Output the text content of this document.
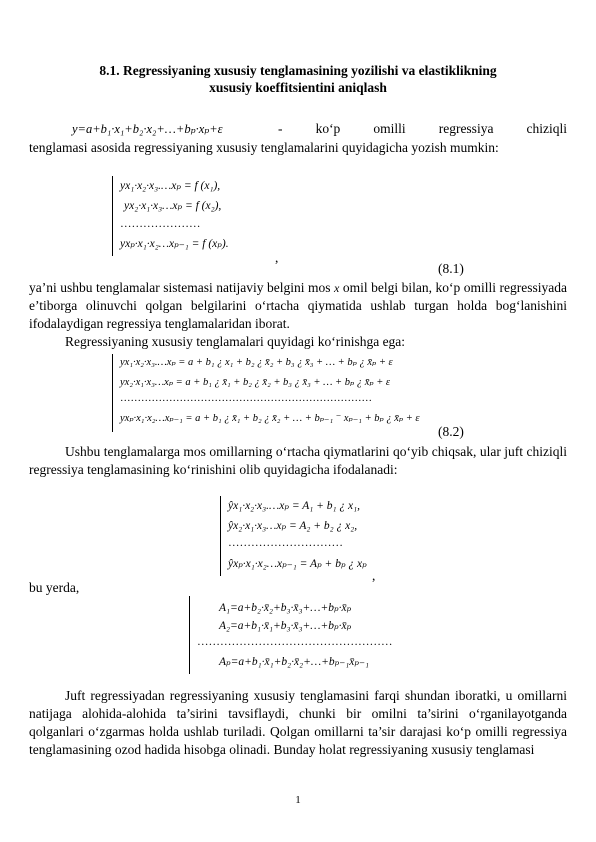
8.1. Regressiyaning xususiy tenglamasining yozilishi va elastiklikning
xususiy koeffitsientini aniqlash
y=a+b₁·x₁+b₂·x₂+…+bₚ·xₚ+ε	- ko‘p omilli regressiya chiziqli
tenglamasi asosida regressiyaning xususiy tenglamalarini quyidagicha yozish mumkin:
yx₁·x₂·x₃.…xₚ = f (x₁),
yx₂·x₁·x₃…xₚ = f (x₂),
…………………
yxₚ·x₁·x₂…xₚ₋₁ = f (xₚ).
,
(8.1)
ya’ni ushbu tenglamalar sistemasi natijaviy belgini mos x omil belgi bilan, ko‘p omilli regressiyada e’tiborga olinuvchi qolgan belgilarini o‘rtacha qiymatida ushlab turgan holda bog‘lanishini ifodalaydigan regressiya tenglamalaridan iborat.
Regressiyaning xususiy tenglamalari quyidagi ko‘rinishga ega:
yx₁·x₂·x₃.…xₚ = a + b₁ ¿ x₁ + b₂ ¿ x̄₂ + b₃ ¿ x̄₃ + … + bₚ ¿ x̄ₚ + ε
yx₂·x₁·x₃…xₚ = a + b₁ ¿ x̄₁ + b₂ ¿ x̄₂ + b₃ ¿ x̄₃ + … + bₚ ¿ x̄ₚ + ε
………………………………………………………………
yxₚ·x₁·x₂…xₚ₋₁ = a + b₁ ¿ x̄₁ + b₂ ¿ x̄₂ + … + bₚ₋₁ ⁻ xₚ₋₁ + bₚ ¿ x̄ₚ + ε
(8.2)
Ushbu tenglamalarga mos omillarning o‘rtacha qiymatlarini qo‘yib chiqsak, ular juft chiziqli regressiya tenglamasining ko‘rinishini olib quyidagicha ifodalanadi:
ŷx₁·x₂·x₃.…xₚ = A₁ + b₁ ¿ x₁,
ŷx₂·x₁·x₃…xₚ = A₂ + b₂ ¿ x₂,
…………………………
ŷxₚ·x₁·x₂…xₚ₋₁ = Aₚ + bₚ ¿ xₚ
,
bu yerda,
A₁=a+b₂·x̄₂+b₃·x̄₃+…+bₚ·x̄ₚ
A₂=a+b₁·x̄₁+b₃·x̄₃+…+bₚ·x̄ₚ
……………………………………………
Aₚ=a+b₁·x̄₁+b₂·x̄₂+…+bₚ₋₁x̄ₚ₋₁
Juft regressiyadan regressiyaning xususiy tenglamasini farqi shundan iboratki, u omillarni natijaga alohida-alohida ta’sirini tavsiflaydi, chunki bir omilni ta’sirini o‘rganilayotganda qolganlari o‘zgarmas holda ushlab turiladi. Qolgan omillarni ta’sir darajasi ko‘p omilli regressiya tenglamasining ozod hadida hisobga olinadi. Bunday holat regressiyaning xususiy tenglamasi
1
